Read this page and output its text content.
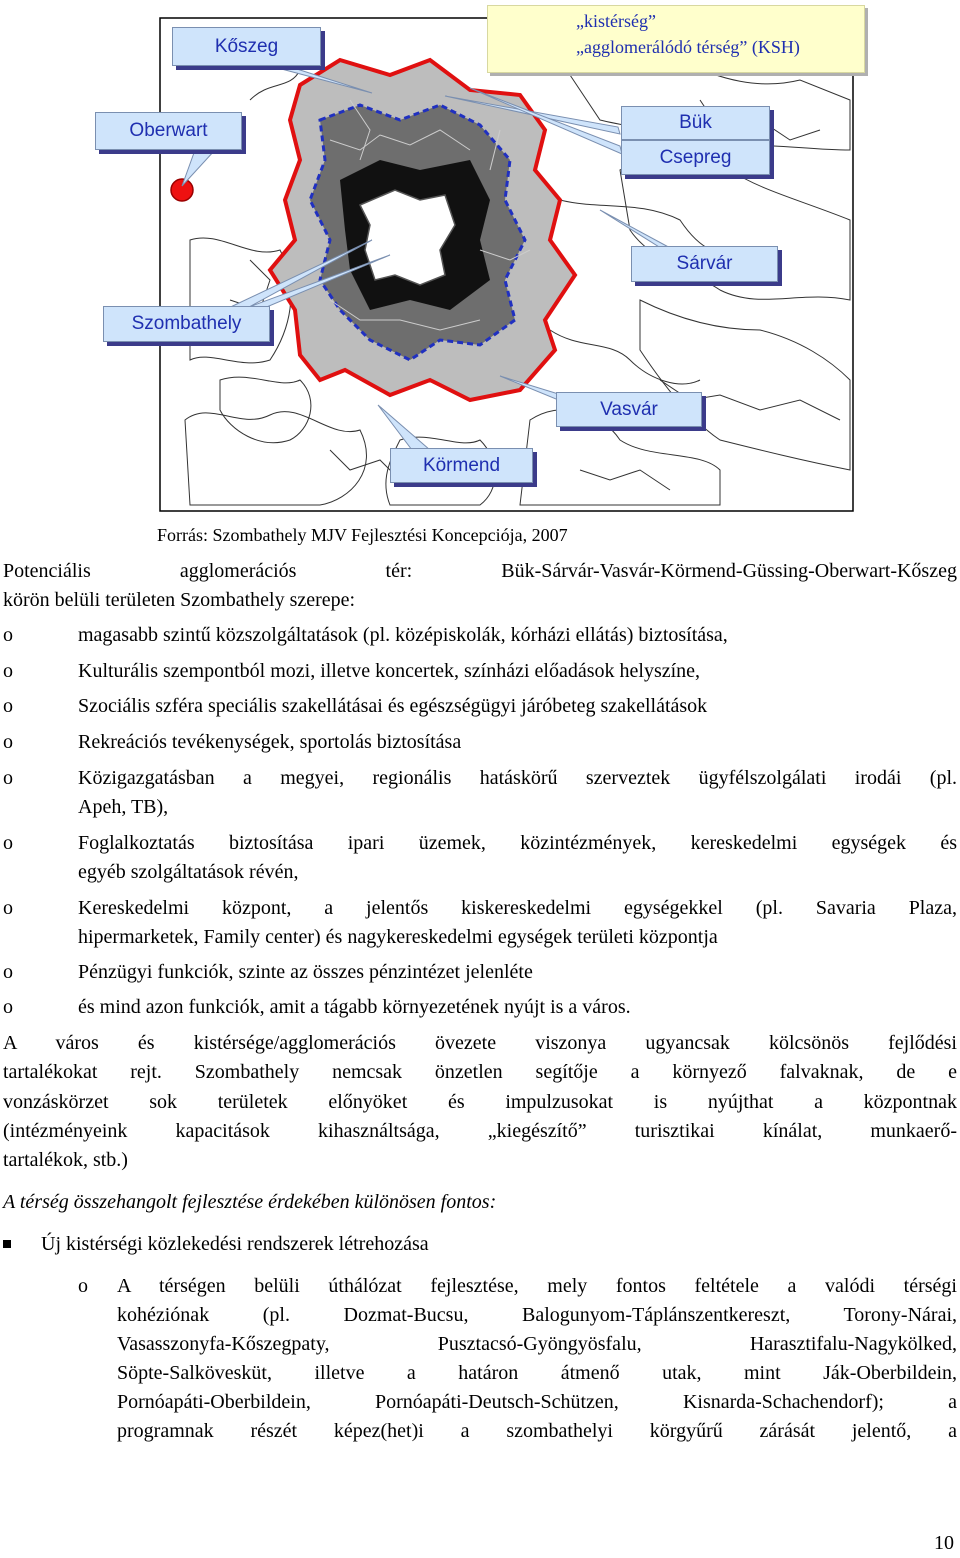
„kistérség”
„agglomerálódó térség” (KSH)
Kőszeg
Oberwart	Bük
Csepreg
Sárvár
Szombathely
Vasvár
Körmend
Forrás: Szombathely MJV Fejlesztési Koncepciója, 2007
Potenciális	agglomerációs	tér:	Bük-Sárvár-Vasvár-Körmend-Güssing-Oberwart-Kőszeg
körön belüli területen Szombathely szerepe:
o	magasabb szintű közszolgáltatások (pl. középiskolák, kórházi ellátás) biztosítása,
o	Kulturális szempontból mozi, illetve koncertek, színházi előadások helyszíne,
o	Szociális szféra speciális szakellátásai és egészségügyi járóbeteg szakellátások
o	Rekreációs tevékenységek, sportolás biztosítása
o	Közigazgatásban a megyei, regionális hatáskörű szerveztek ügyfélszolgálati irodái (pl.
Apeh, TB),
o	Foglalkoztatás biztosítása ipari üzemek, közintézmények, kereskedelmi egységek és
egyéb szolgáltatások révén,
o	Kereskedelmi központ, a jelentős kiskereskedelmi egységekkel (pl. Savaria Plaza,
hipermarketek, Family center) és nagykereskedelmi egységek területi központja
o	Pénzügyi funkciók, szinte az összes pénzintézet jelenléte
o	és mind azon funkciók, amit a tágabb környezetének nyújt is a város.
A város és kistérsége/agglomerációs övezete viszonya ugyancsak kölcsönös fejlődési
tartalékokat rejt. Szombathely nemcsak önzetlen segítője a környező falvaknak, de e
vonzáskörzet sok területek előnyöket és impulzusokat is nyújthat a központnak
(intézményeink kapacitások kihasználtsága, „kiegészítő” turisztikai kínálat, munkaerő-
tartalékok, stb.)
A térség összehangolt fejlesztése érdekében különösen fontos:
Új kistérségi közlekedési rendszerek létrehozása
o A térségen belüli úthálózat fejlesztése, mely fontos feltétele a valódi térségi
kohéziónak (pl. Dozmat-Bucsu, Balogunyom-Táplánszentkereszt, Torony-Nárai,
Vasasszonyfa-Kőszegpaty, Pusztacsó-Gyöngyösfalu, Harasztifalu-Nagykölked,
Söpte-Salkövesküt, illetve a határon átmenő utak, mint Ják-Oberbildein,
Pornóapáti-Oberbildein, Pornóapáti-Deutsch-Schützen, Kisnarda-Schachendorf); a
programnak részét képez(het)i a szombathelyi körgyűrű zárását jelentő, a
10
